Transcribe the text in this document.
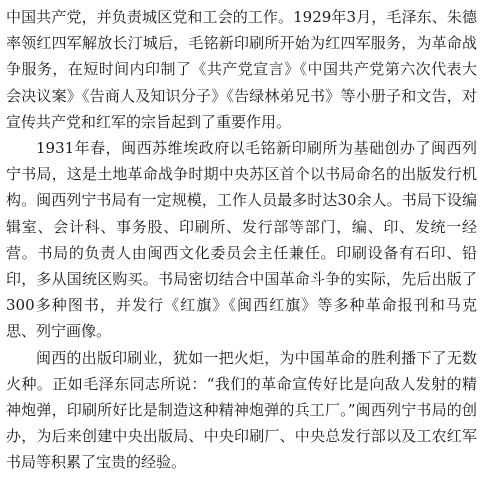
中国共产党，并负责城区党和工会的工作。1929年3月，毛泽东、朱德率领红四军解放长汀城后，毛铭新印刷所开始为红四军服务，为革命战争服务，在短时间内印制了《共产党宣言》《中国共产党第六次代表大会决议案》《告商人及知识分子》《告绿林弟兄书》等小册子和文告，对宣传共产党和红军的宗旨起到了重要作用。

1931年春，闽西苏维埃政府以毛铭新印刷所为基础创办了闽西列宁书局，这是土地革命战争时期中央苏区首个以书局命名的出版发行机构。闽西列宁书局有一定规模，工作人员最多时达30余人。书局下设编辑室、会计科、事务股、印刷所、发行部等部门，编、印、发统一经营。书局的负责人由闽西文化委员会主任兼任。印刷设备有石印、铅印，多从国统区购买。书局密切结合中国革命斗争的实际，先后出版了300多种图书，并发行《红旗》《闽西红旗》等多种革命报刊和马克思、列宁画像。

闽西的出版印刷业，犹如一把火炬，为中国革命的胜利播下了无数火种。正如毛泽东同志所说：“我们的革命宣传好比是向敌人发射的精神炮弹，印刷所好比是制造这种精神炮弹的兵工厂。”闽西列宁书局的创办，为后来创建中央出版局、中央印刷厂、中央总发行部以及工农红军书局等积累了宝贵的经验。
